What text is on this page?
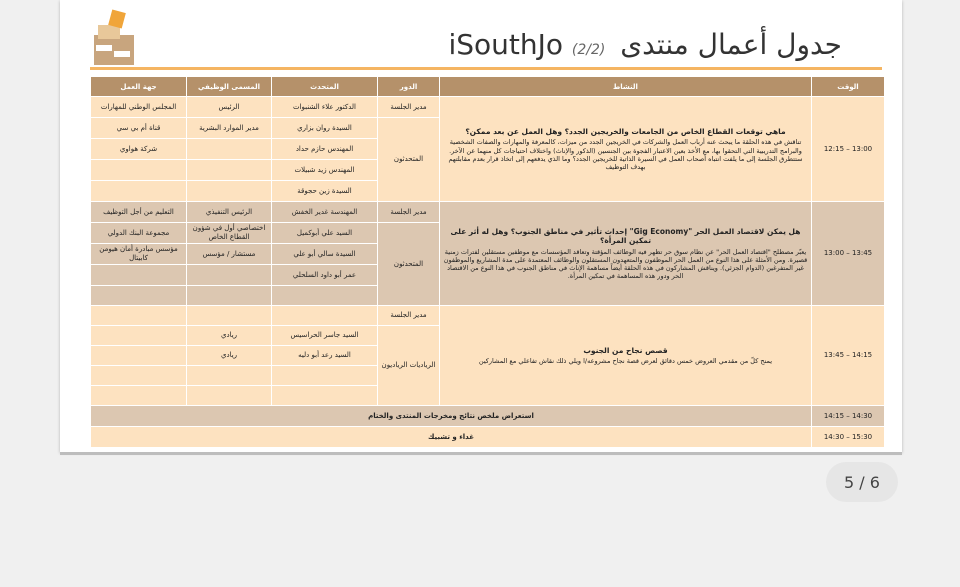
جدول أعمال منتدى iSouthJo (2/2)
الوقت	النشاط	الدور	المتحدث	المسمى الوظيفي	جهة العمل
12:15 – 13:00	ماهي توقعات القطاع الخاص من الجامعات والخريجين الجدد؟ وهل العمل عن بعد ممكن؟
تناقش في هذه الحلقة ما يبحث عنه أرباب العمل والشركات في الخريجين الجدد من ميزات، كالمعرفة والمهارات والصفات الشخصية والبرامج التدريبية التي التحقوا بها، مع الأخذ بعين الاعتبار الفجوة بين الجنسين (الذكور والإناث) واختلاف احتياجات كل منهما عن الآخر. ستتطرق الجلسة إلى ما يلفت انتباه أصحاب العمل في السيرة الذاتية للخريجين الجدد؟ وما الذي يدفعهم إلى اتخاذ قرار بعدم مقابلتهم بهدف التوظيف	مدير الجلسة	الدكتور علاء الشنبوات	الرئيس	المجلس الوطني للمهارات
		المتحدثون	السيدة روان بزاري	مدير الموارد البشرية	قناة أم بي سي
			المهندس حازم حداد		شركة هواوي
			المهندس زيد شبيلات		
			السيدة زين حجوقة		
13:00 – 13:45	هل يمكن لاقتصاد العمل الحر "Gig Economy" إحداث تأثير في مناطق الجنوب؟ وهل له أثر على تمكين المرأة؟
يعبّر مصطلح "اقتصاد العمل الحر" عن نظام سوق حر تظهر فيه الوظائف المؤقتة وتعاقد المؤسسات مع موظفين مستقلين لفترات زمنية قصيرة. ومن الأمثلة على هذا النوع من العمل الحر الموظفون والمتعهدون المستقلون والوظائف المعتمدة على مدة المشاريع والموظفون غير المتفرغين (الدوام الجزئي). ويناقش المشاركون في هذه الحلقة أيضاً مساهمة الإناث في مناطق الجنوب في هذا النوع من الاقتصاد الحر ودور هذه المساهمة في تمكين المرأة.	مدير الجلسة	المهندسة غدير الخفش	الرئيس التنفيذي	التعليم من أجل التوظيف
		المتحدثون	السيد علي أبوكميل	اختصاصي أول في شؤون القطاع الخاص	مجموعة البنك الدولي
			السيدة سالي أبو علي	مستشار / مؤسس	مؤسس مبادرة أمان هيومن كابيتال
			عمر أبو داود السلحلي		

13:45 – 14:15	قصص نجاح من الجنوب
يمنح كلّ من مقدمي العروض خمس دقائق لعرض قصة نجاح مشروعه/ا ويلي ذلك نقاش تفاعلي مع المشاركين	مدير الجلسة			
		الرياديات الرياديون	السيد جاسر الحراسيس	ريادي	
			السيد رعد أبو دليه	ريادي	

14:15 – 14:30	استعراض ملخص نتائج ومخرجات المنتدى والختام				
14:30 – 15:30	غداء و تشبيك				
5 / 6
